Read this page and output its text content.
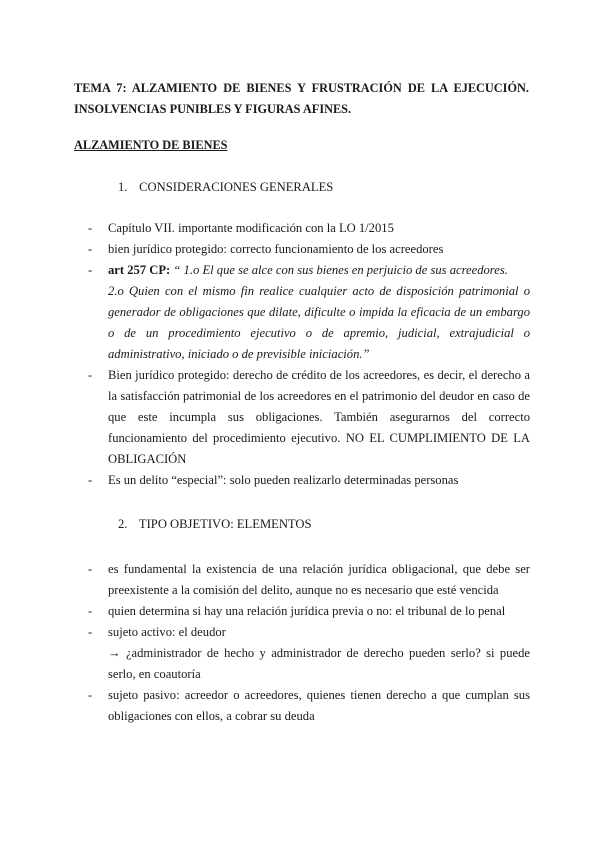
TEMA 7: ALZAMIENTO DE BIENES Y FRUSTRACIÓN DE LA EJECUCIÓN.
INSOLVENCIAS PUNIBLES Y FIGURAS AFINES.
ALZAMIENTO DE BIENES
1. CONSIDERACIONES GENERALES
- Capítulo VII. importante modificación con la LO 1/2015
- bien jurídico protegido: correcto funcionamiento de los acreedores
- art 257 CP: “ 1.o El que se alce con sus bienes en perjuicio de sus acreedores.
2.o Quien con el mismo fin realice cualquier acto de disposición patrimonial o generador de obligaciones que dilate, dificulte o impida la eficacia de un embargo o de un procedimiento ejecutivo o de apremio, judicial, extrajudicial o administrativo, iniciado o de previsible iniciación.”
- Bien jurídico protegido: derecho de crédito de los acreedores, es decir, el derecho a la satisfacción patrimonial de los acreedores en el patrimonio del deudor en caso de que este incumpla sus obligaciones. También asegurarnos del correcto funcionamiento del procedimiento ejecutivo. NO EL CUMPLIMIENTO DE LA OBLIGACIÓN
- Es un delito “especial”: solo pueden realizarlo determinadas personas
2. TIPO OBJETIVO: ELEMENTOS
- es fundamental la existencia de una relación jurídica obligacional, que debe ser preexistente a la comisión del delito, aunque no es necesario que esté vencida
- quien determina si hay una relación jurídica previa o no: el tribunal de lo penal
- sujeto activo: el deudor
→ ¿administrador de hecho y administrador de derecho pueden serlo? si puede serlo, en coautoría
- sujeto pasivo: acreedor o acreedores, quienes tienen derecho a que cumplan sus obligaciones con ellos, a cobrar su deuda
